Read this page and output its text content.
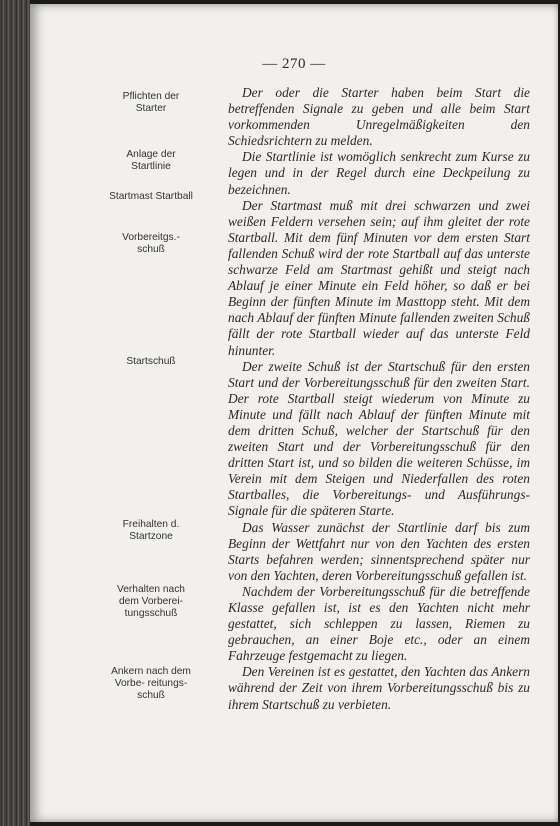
— 270 —
Pflichten der Starter
Anlage der Startlinie
Startmast Startball
Vorbereitgs.- schuß
Startschuß
Freihalten d. Startzone
Verhalten nach dem Vorberei- tungsschuß
Ankern nach dem Vorbe- reitungs- schuß

Der oder die Starter haben beim Start die betreffenden Signale zu geben und alle beim Start vorkommenden Unregelmäßigkeiten den Schiedsrichtern zu melden.

Die Startlinie ist womöglich senkrecht zum Kurse zu legen und in der Regel durch eine Deckpeilung zu bezeichnen.

Der Startmast muß mit drei schwarzen und zwei weißen Feldern versehen sein; auf ihm gleitet der rote Startball. Mit dem fünf Minuten vor dem ersten Start fallenden Schuß wird der rote Startball auf das unterste schwarze Feld am Startmast gehißt und steigt nach Ablauf je einer Minute ein Feld höher, so daß er bei Beginn der fünften Minute im Masttopp steht. Mit dem nach Ablauf der fünften Minute fallenden zweiten Schuß fällt der rote Startball wieder auf das unterste Feld hinunter.

Der zweite Schuß ist der Startschuß für den ersten Start und der Vorbereitungsschuß für den zweiten Start. Der rote Startball steigt wiederum von Minute zu Minute und fällt nach Ablauf der fünften Minute mit dem dritten Schuß, welcher der Startschuß für den zweiten Start und der Vorbereitungsschuß für den dritten Start ist, und so bilden die weiteren Schüsse, im Verein mit dem Steigen und Niederfallen des roten Startballes, die Vorbereitungs- und Ausführungs-Signale für die späteren Starte.

Das Wasser zunächst der Startlinie darf bis zum Beginn der Wettfahrt nur von den Yachten des ersten Starts befahren werden; sinnentsprechend später nur von den Yachten, deren Vorbereitungsschuß gefallen ist.

Nachdem der Vorbereitungsschuß für die betreffende Klasse gefallen ist, ist es den Yachten nicht mehr gestattet, sich schleppen zu lassen, Riemen zu gebrauchen, an einer Boje etc., oder an einem Fahrzeuge festgemacht zu liegen.

Den Vereinen ist es gestattet, den Yachten das Ankern während der Zeit von ihrem Vorbereitungsschuß bis zu ihrem Startschuß zu verbieten.
